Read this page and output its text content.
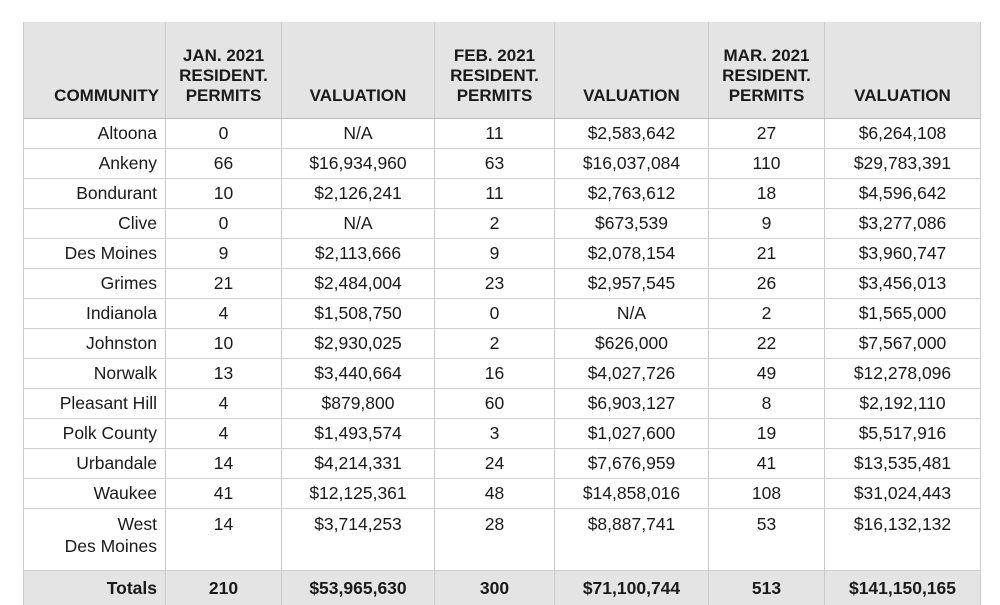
COMMUNITY	JAN. 2021
RESIDENT.
PERMITS	VALUATION	FEB. 2021
RESIDENT.
PERMITS	VALUATION	MAR. 2021
RESIDENT.
PERMITS	VALUATION
Altoona	0	N/A	11	$2,583,642	27	$6,264,108
Ankeny	66	$16,934,960	63	$16,037,084	110	$29,783,391
Bondurant	10	$2,126,241	11	$2,763,612	18	$4,596,642
Clive	0	N/A	2	$673,539	9	$3,277,086
Des Moines	9	$2,113,666	9	$2,078,154	21	$3,960,747
Grimes	21	$2,484,004	23	$2,957,545	26	$3,456,013
Indianola	4	$1,508,750	0	N/A	2	$1,565,000
Johnston	10	$2,930,025	2	$626,000	22	$7,567,000
Norwalk	13	$3,440,664	16	$4,027,726	49	$12,278,096
Pleasant Hill	4	$879,800	60	$6,903,127	8	$2,192,110
Polk County	4	$1,493,574	3	$1,027,600	19	$5,517,916
Urbandale	14	$4,214,331	24	$7,676,959	41	$13,535,481
Waukee	41	$12,125,361	48	$14,858,016	108	$31,024,443

West
Des Moines	14	$3,714,253	28	$8,887,741	53	$16,132,132
Totals	210	$53,965,630	300	$71,100,744	513	$141,150,165
